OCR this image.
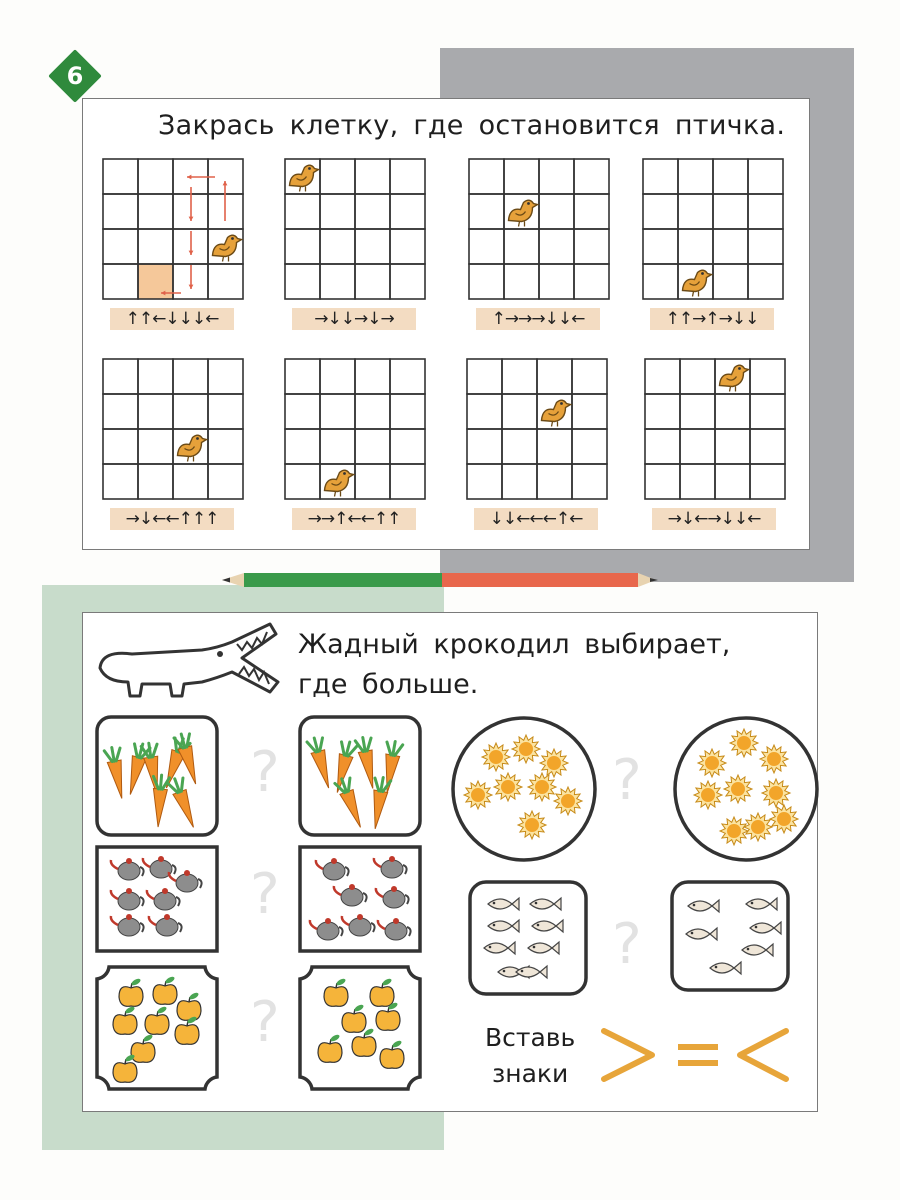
6
Закрась клетку, где остановится птичка.
↑↑←↓↓↓←	→↓↓→↓→	↑→→→↓↓←	↑↑→↑→↓↓
→↓←←↑↑↑	→→↑←←↑↑	↓↓←←←↑←	→↓←→↓↓←
Жадный крокодил выбирает,
где больше.
?
?
?
?
?
Вставь
знаки
